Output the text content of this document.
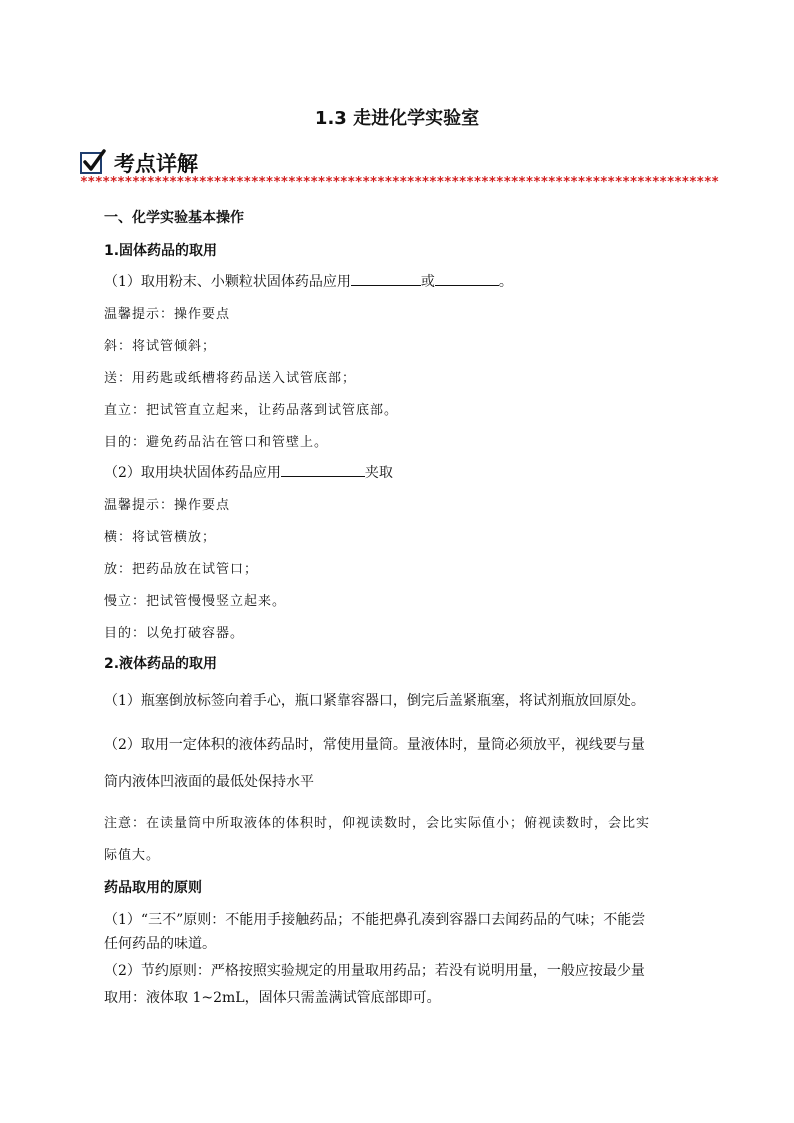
1.3 走进化学实验室
考点详解
**************************************************************************************
一、化学实验基本操作
1.固体药品的取用
（1）取用粉末、小颗粒状固体药品应用	或	。
温馨提示：操作要点
斜：将试管倾斜；
送：用药匙或纸槽将药品送入试管底部；
直立：把试管直立起来，让药品落到试管底部。
目的：避免药品沾在管口和管壁上。
（2）取用块状固体药品应用	夹取
温馨提示：操作要点
横：将试管横放；
放：把药品放在试管口；
慢立：把试管慢慢竖立起来。
目的：以免打破容器。
2.液体药品的取用
（1）瓶塞倒放标签向着手心，瓶口紧靠容器口，倒完后盖紧瓶塞，将试剂瓶放回原处。
（2）取用一定体积的液体药品时，常使用量筒。量液体时，量筒必须放平，视线要与量
筒内液体凹液面的最低处保持水平
注意：在读量筒中所取液体的体积时，仰视读数时，会比实际值小；俯视读数时，会比实
际值大。
药品取用的原则
（1）“三不”原则：不能用手接触药品；不能把鼻孔凑到容器口去闻药品的气味；不能尝
任何药品的味道。
（2）节约原则：严格按照实验规定的用量取用药品；若没有说明用量，一般应按最少量
取用：液体取 1~2mL，固体只需盖满试管底部即可。
